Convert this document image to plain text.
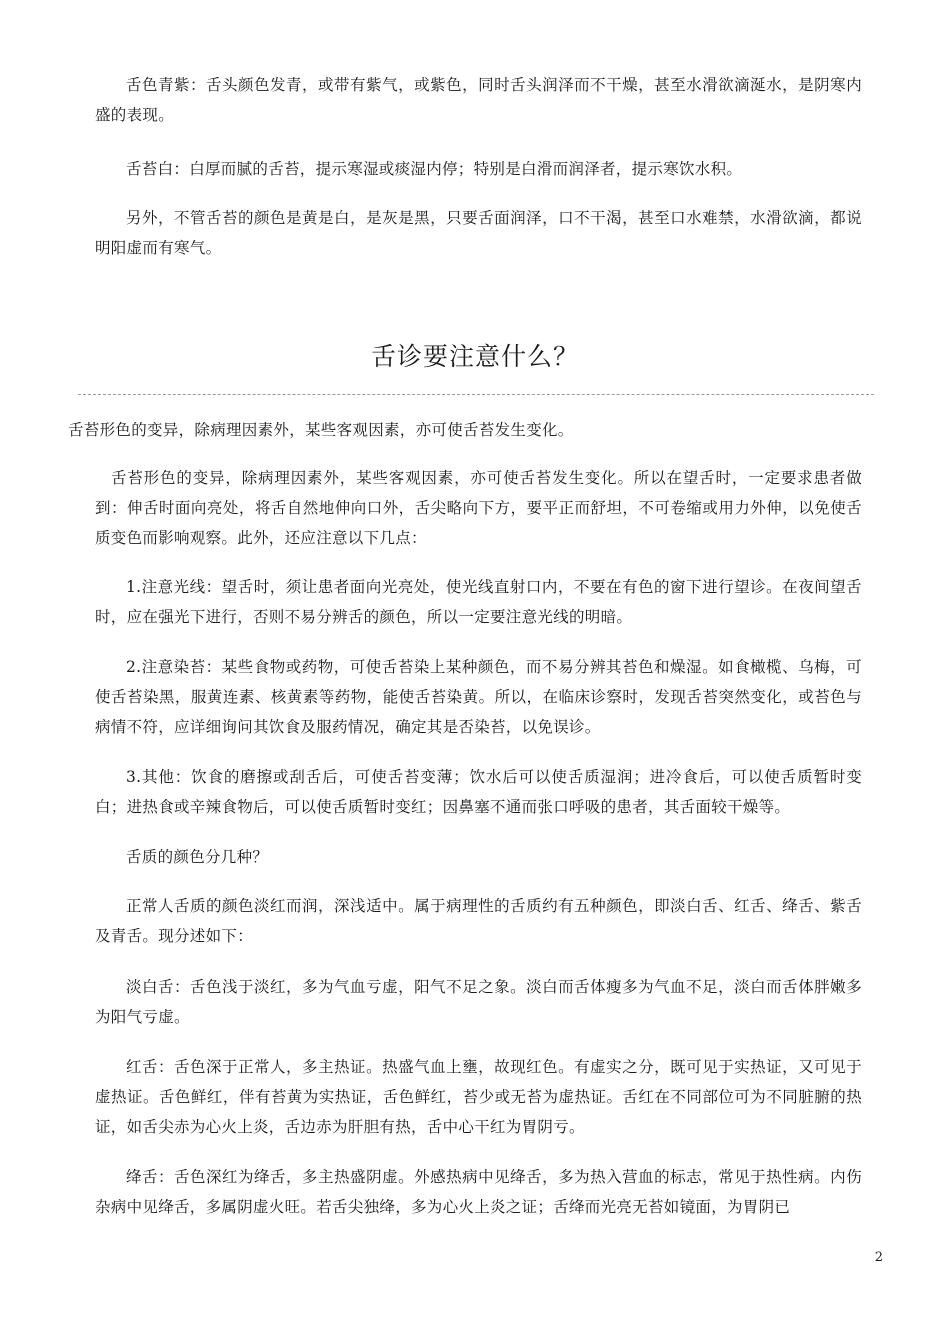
舌色青紫：舌头颜色发青，或带有紫气，或紫色，同时舌头润泽而不干燥，甚至水滑欲滴涎水，是阴寒内盛的表现。

舌苔白：白厚而腻的舌苔，提示寒湿或痰湿内停；特别是白滑而润泽者，提示寒饮水积。

另外，不管舌苔的颜色是黄是白，是灰是黑，只要舌面润泽，口不干渴，甚至口水难禁，水滑欲滴，都说明阳虚而有寒气。

舌诊要注意什么？

舌苔形色的变异，除病理因素外，某些客观因素，亦可使舌苔发生变化。

舌苔形色的变异，除病理因素外，某些客观因素，亦可使舌苔发生变化。所以在望舌时，一定要求患者做到：伸舌时面向亮处，将舌自然地伸向口外，舌尖略向下方，要平正而舒坦，不可卷缩或用力外伸，以免使舌质变色而影响观察。此外，还应注意以下几点：

1.注意光线：望舌时，须让患者面向光亮处，使光线直射口内，不要在有色的窗下进行望诊。在夜间望舌时，应在强光下进行，否则不易分辨舌的颜色，所以一定要注意光线的明暗。

2.注意染苔：某些食物或药物，可使舌苔染上某种颜色，而不易分辨其苔色和燥湿。如食橄榄、乌梅，可使舌苔染黑，服黄连素、核黄素等药物，能使舌苔染黄。所以，在临床诊察时，发现舌苔突然变化，或苔色与病情不符，应详细询问其饮食及服药情况，确定其是否染苔，以免误诊。

3.其他：饮食的磨擦或刮舌后，可使舌苔变薄；饮水后可以使舌质湿润；进冷食后，可以使舌质暂时变白；进热食或辛辣食物后，可以使舌质暂时变红；因鼻塞不通而张口呼吸的患者，其舌面较干燥等。

舌质的颜色分几种？

正常人舌质的颜色淡红而润，深浅适中。属于病理性的舌质约有五种颜色，即淡白舌、红舌、绛舌、紫舌及青舌。现分述如下：

淡白舌：舌色浅于淡红，多为气血亏虚，阳气不足之象。淡白而舌体瘦多为气血不足，淡白而舌体胖嫩多为阳气亏虚。

红舌：舌色深于正常人，多主热证。热盛气血上壅，故现红色。有虚实之分，既可见于实热证，又可见于虚热证。舌色鲜红，伴有苔黄为实热证，舌色鲜红，苔少或无苔为虚热证。舌红在不同部位可为不同脏腑的热证，如舌尖赤为心火上炎，舌边赤为肝胆有热，舌中心干红为胃阴亏。

绛舌：舌色深红为绛舌，多主热盛阴虚。外感热病中见绛舌，多为热入营血的标志，常见于热性病。内伤杂病中见绛舌，多属阴虚火旺。若舌尖独绛，多为心火上炎之证；舌绛而光亮无苔如镜面，为胃阴已

2
